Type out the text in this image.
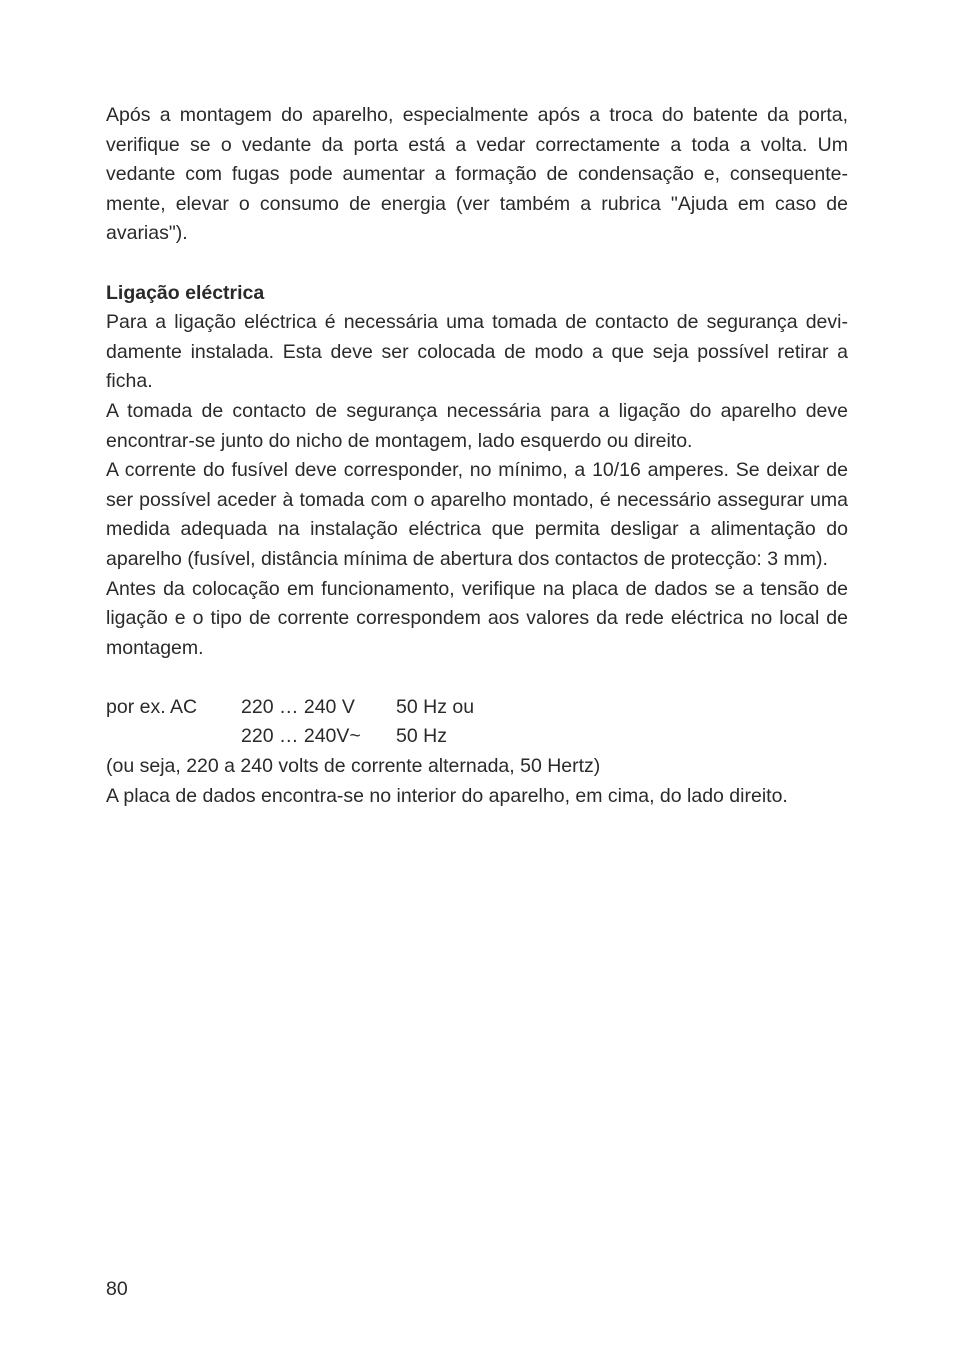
Após a montagem do aparelho, especialmente após a troca do batente da porta, verifique se o vedante da porta está a vedar correctamente a toda a volta. Um vedante com fugas pode aumentar a formação de condensação e, consequentemente, elevar o consumo de energia (ver também a rubrica "Ajuda em caso de avarias").

Ligação eléctrica

Para a ligação eléctrica é necessária uma tomada de contacto de segurança devidamente instalada. Esta deve ser colocada de modo a que seja possível retirar a ficha.

A tomada de contacto de segurança necessária para a ligação do aparelho deve encontrar-se junto do nicho de montagem, lado esquerdo ou direito.

A corrente do fusível deve corresponder, no mínimo, a 10/16 amperes. Se deixar de ser possível aceder à tomada com o aparelho montado, é necessário assegurar uma medida adequada na instalação eléctrica que permita desligar a alimentação do aparelho (fusível, distância mínima de abertura dos contactos de protecção: 3 mm).

Antes da colocação em funcionamento, verifique na placa de dados se a tensão de ligação e o tipo de corrente correspondem aos valores da rede eléctrica no local de montagem.

por ex. AC	220 … 240 V	50 Hz ou
	220 … 240V~	50 Hz

(ou seja, 220 a 240 volts de corrente alternada, 50 Hertz)

A placa de dados encontra-se no interior do aparelho, em cima, do lado direito.

80
